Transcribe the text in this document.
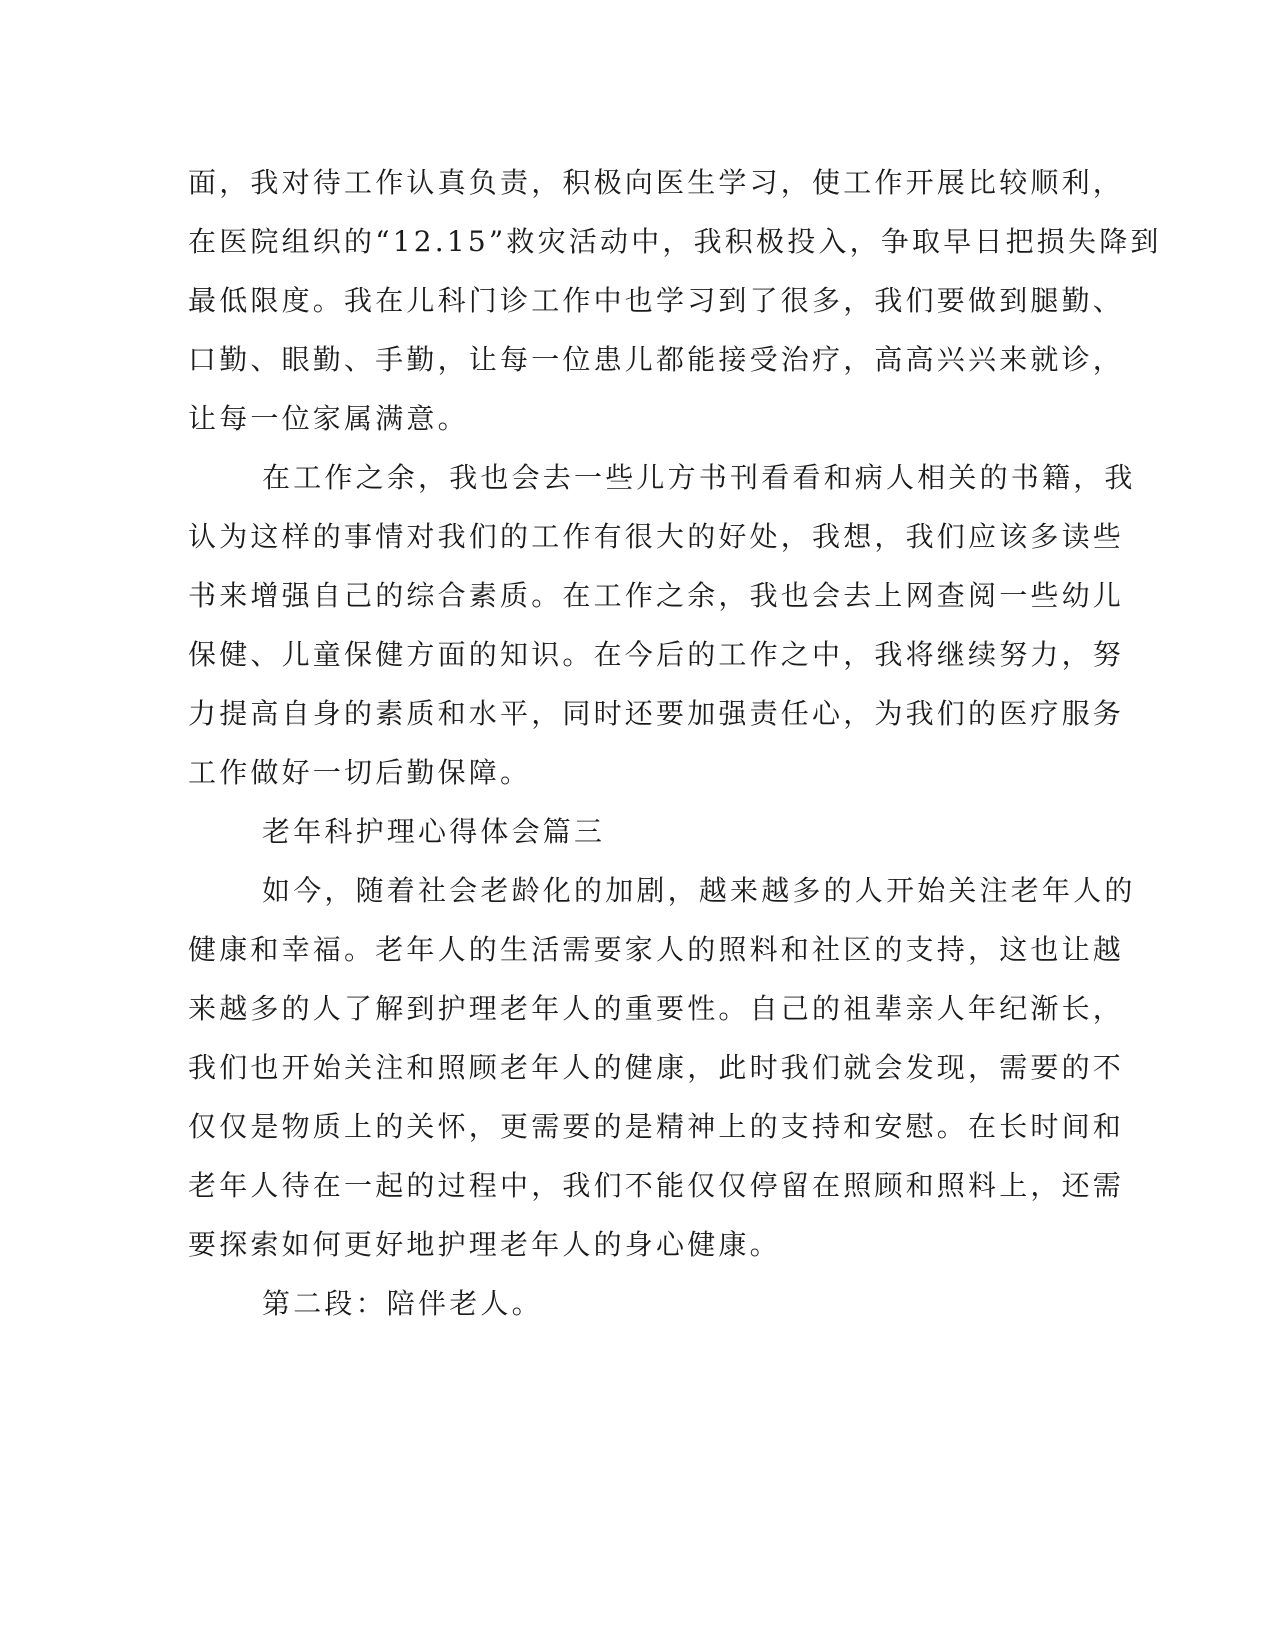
面，我对待工作认真负责，积极向医生学习，使工作开展比较顺利，
在医院组织的“12.15”救灾活动中，我积极投入，争取早日把损失降到
最低限度。我在儿科门诊工作中也学习到了很多，我们要做到腿勤、
口勤、眼勤、手勤，让每一位患儿都能接受治疗，高高兴兴来就诊，
让每一位家属满意。
在工作之余，我也会去一些儿方书刊看看和病人相关的书籍，我
认为这样的事情对我们的工作有很大的好处，我想，我们应该多读些
书来增强自己的综合素质。在工作之余，我也会去上网查阅一些幼儿
保健、儿童保健方面的知识。在今后的工作之中，我将继续努力，努
力提高自身的素质和水平，同时还要加强责任心，为我们的医疗服务
工作做好一切后勤保障。
老年科护理心得体会篇三
如今，随着社会老龄化的加剧，越来越多的人开始关注老年人的
健康和幸福。老年人的生活需要家人的照料和社区的支持，这也让越
来越多的人了解到护理老年人的重要性。自己的祖辈亲人年纪渐长，
我们也开始关注和照顾老年人的健康，此时我们就会发现，需要的不
仅仅是物质上的关怀，更需要的是精神上的支持和安慰。在长时间和
老年人待在一起的过程中，我们不能仅仅停留在照顾和照料上，还需
要探索如何更好地护理老年人的身心健康。
第二段：陪伴老人。
